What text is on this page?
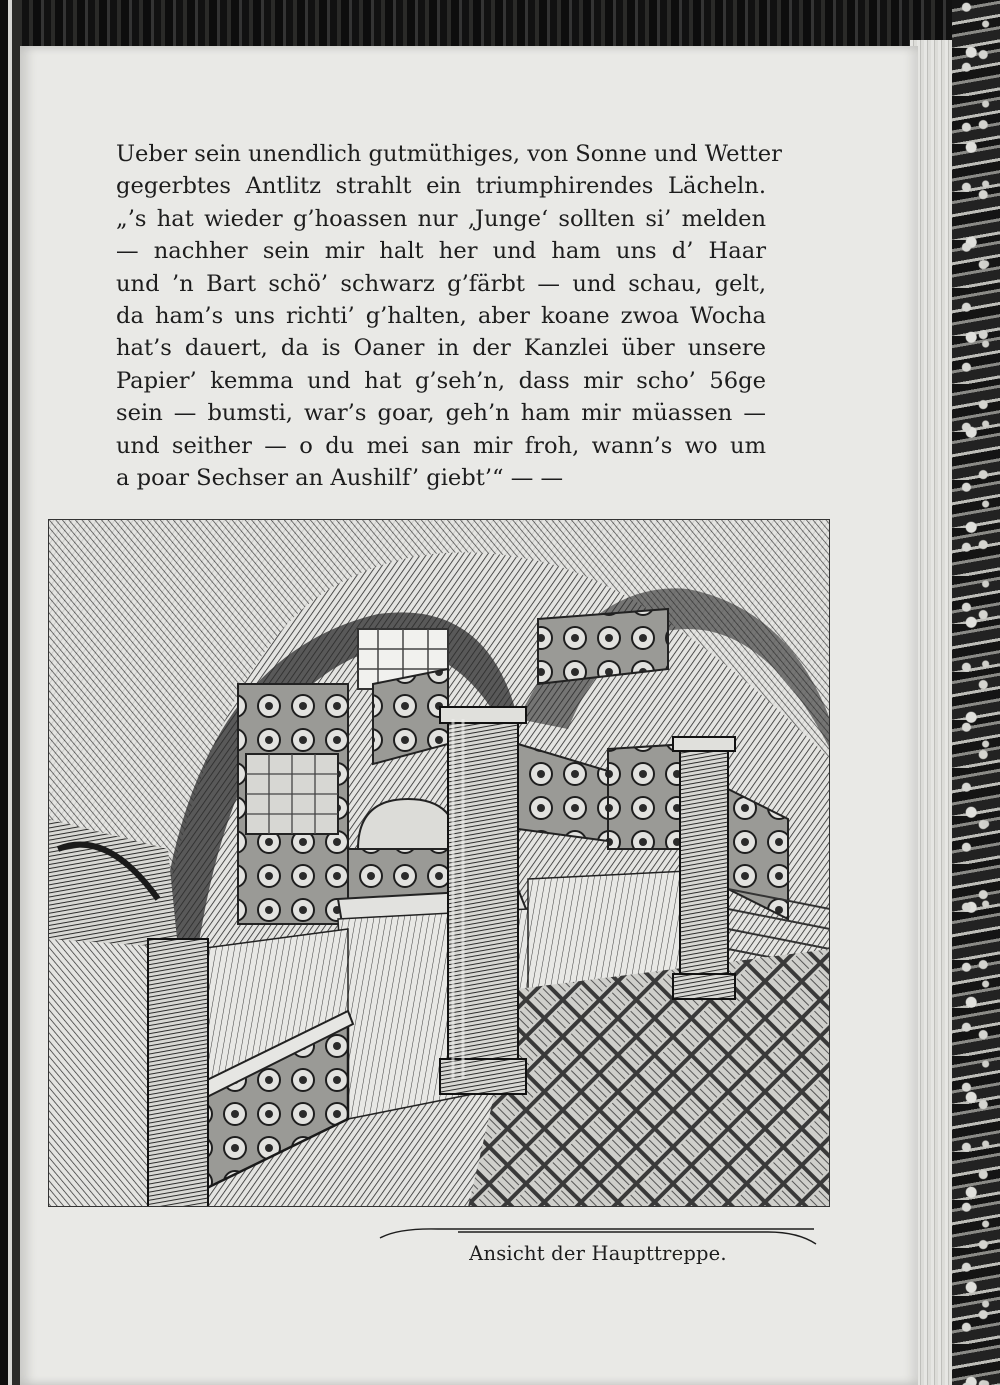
Ueber sein unendlich gutmüthiges, von Sonne und Wetter
gegerbtes Antlitz strahlt ein triumphirendes Lächeln.
„’s hat wieder g’hoassen nur ‚Junge‘ sollten si’ melden
— nachher sein mir halt her und ham uns d’ Haar
und ’n Bart schö’ schwarz g’färbt — und schau, gelt,
da ham’s uns richti’ g’halten, aber koane zwoa Wocha
hat’s dauert, da is Oaner in der Kanzlei über unsere
Papier’ kemma und hat g’seh’n, dass mir scho’ 56ge
sein — bumsti, war’s goar, geh’n ham mir müassen —
und seither — o du mei san mir froh, wann’s wo um
a poar Sechser an Aushilf’ giebt’“ — —
Ansicht der Haupttreppe.
